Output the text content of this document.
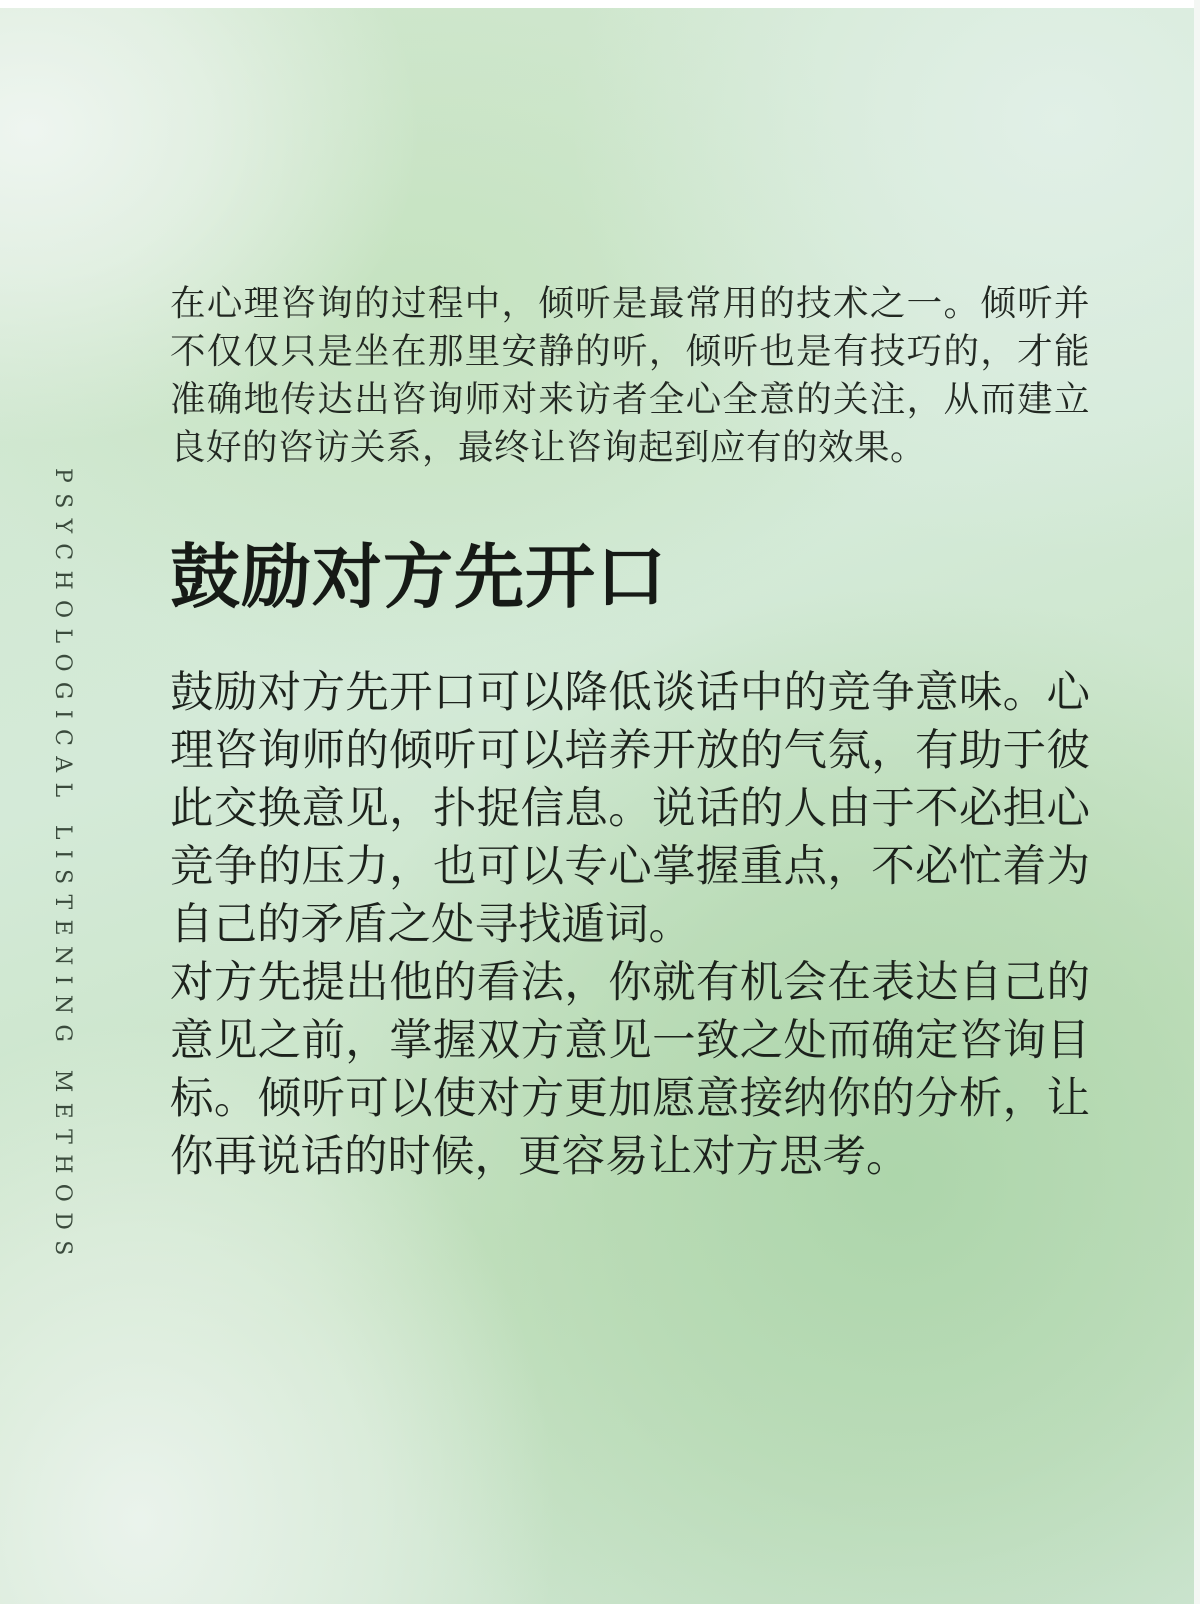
PSYCHOLOGICAL LISTENING METHODS

在心理咨询的过程中，倾听是最常用的技术之一。倾听并不仅仅只是坐在那里安静的听，倾听也是有技巧的，才能准确地传达出咨询师对来访者全心全意的关注，从而建立良好的咨访关系，最终让咨询起到应有的效果。

鼓励对方先开口

鼓励对方先开口可以降低谈话中的竞争意味。心理咨询师的倾听可以培养开放的气氛，有助于彼此交换意见，扑捉信息。说话的人由于不必担心竞争的压力，也可以专心掌握重点，不必忙着为自己的矛盾之处寻找遁词。

对方先提出他的看法，你就有机会在表达自己的意见之前，掌握双方意见一致之处而确定咨询目标。倾听可以使对方更加愿意接纳你的分析，让你再说话的时候，更容易让对方思考。
